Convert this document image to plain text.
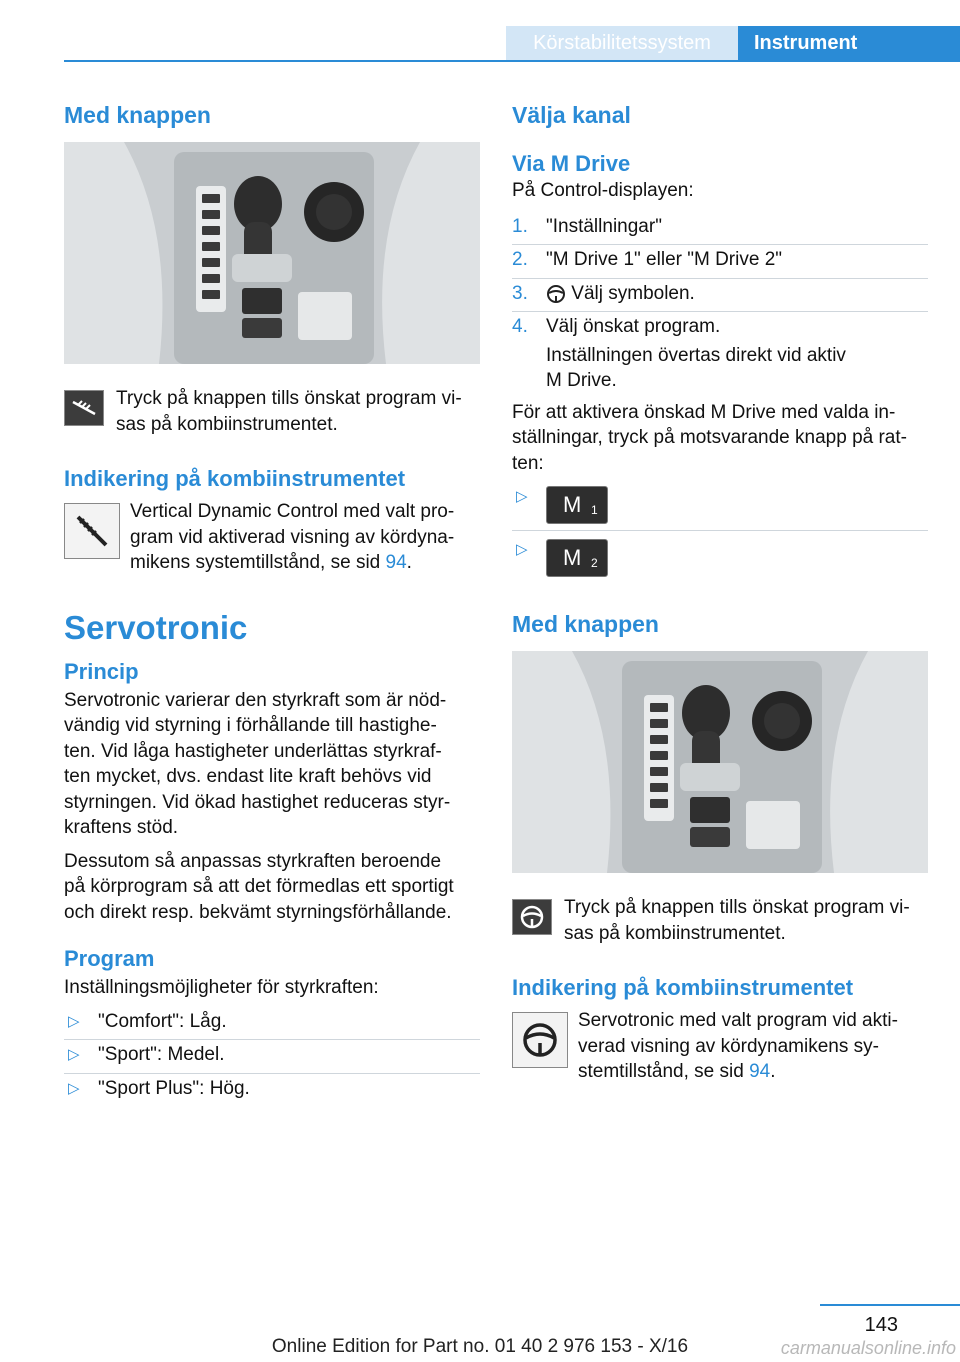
Körstabilitetssystem	Instrument
Med knappen

Tryck på knappen tills önskat program vi-
sas på kombiinstrumentet.

Indikering på kombiinstrumentet

Vertical Dynamic Control med valt pro-
gram vid aktiverad visning av kördyna-
mikens systemtillstånd, se sid 94.

Servotronic
Princip

Servotronic varierar den styrkraft som är nöd-
vändig vid styrning i förhållande till hastighe-
ten. Vid låga hastigheter underlättas styrkraf-
ten mycket, dvs. endast lite kraft behövs vid
styrningen. Vid ökad hastighet reduceras styr-
kraftens stöd.

Dessutom så anpassas styrkraften beroende
på körprogram så att det förmedlas ett sportigt
och direkt resp. bekvämt styrningsförhållande.

Program

Inställningsmöjligheter för styrkraften:

▷ "Comfort": Låg.
▷ "Sport": Medel.
▷ "Sport Plus": Hög.
Välja kanal
Via M Drive

På Control-displayen:

1. "Inställningar"
2. "M Drive 1" eller "M Drive 2"
3.	Välj symbolen.
4. Välj önskat program.

Inställningen övertas direkt vid aktiv
M Drive.

För att aktivera önskad M Drive med valda in-
ställningar, tryck på motsvarande knapp på rat-
ten:

▷	M 1
▷	M 2
Med knappen

Tryck på knappen tills önskat program vi-
sas på kombiinstrumentet.

Indikering på kombiinstrumentet

Servotronic med valt program vid akti-
verad visning av kördynamikens sy-
stemtillstånd, se sid 94.

143
Online Edition for Part no. 01 40 2 976 153 - X/16	carmanualsonline.info
